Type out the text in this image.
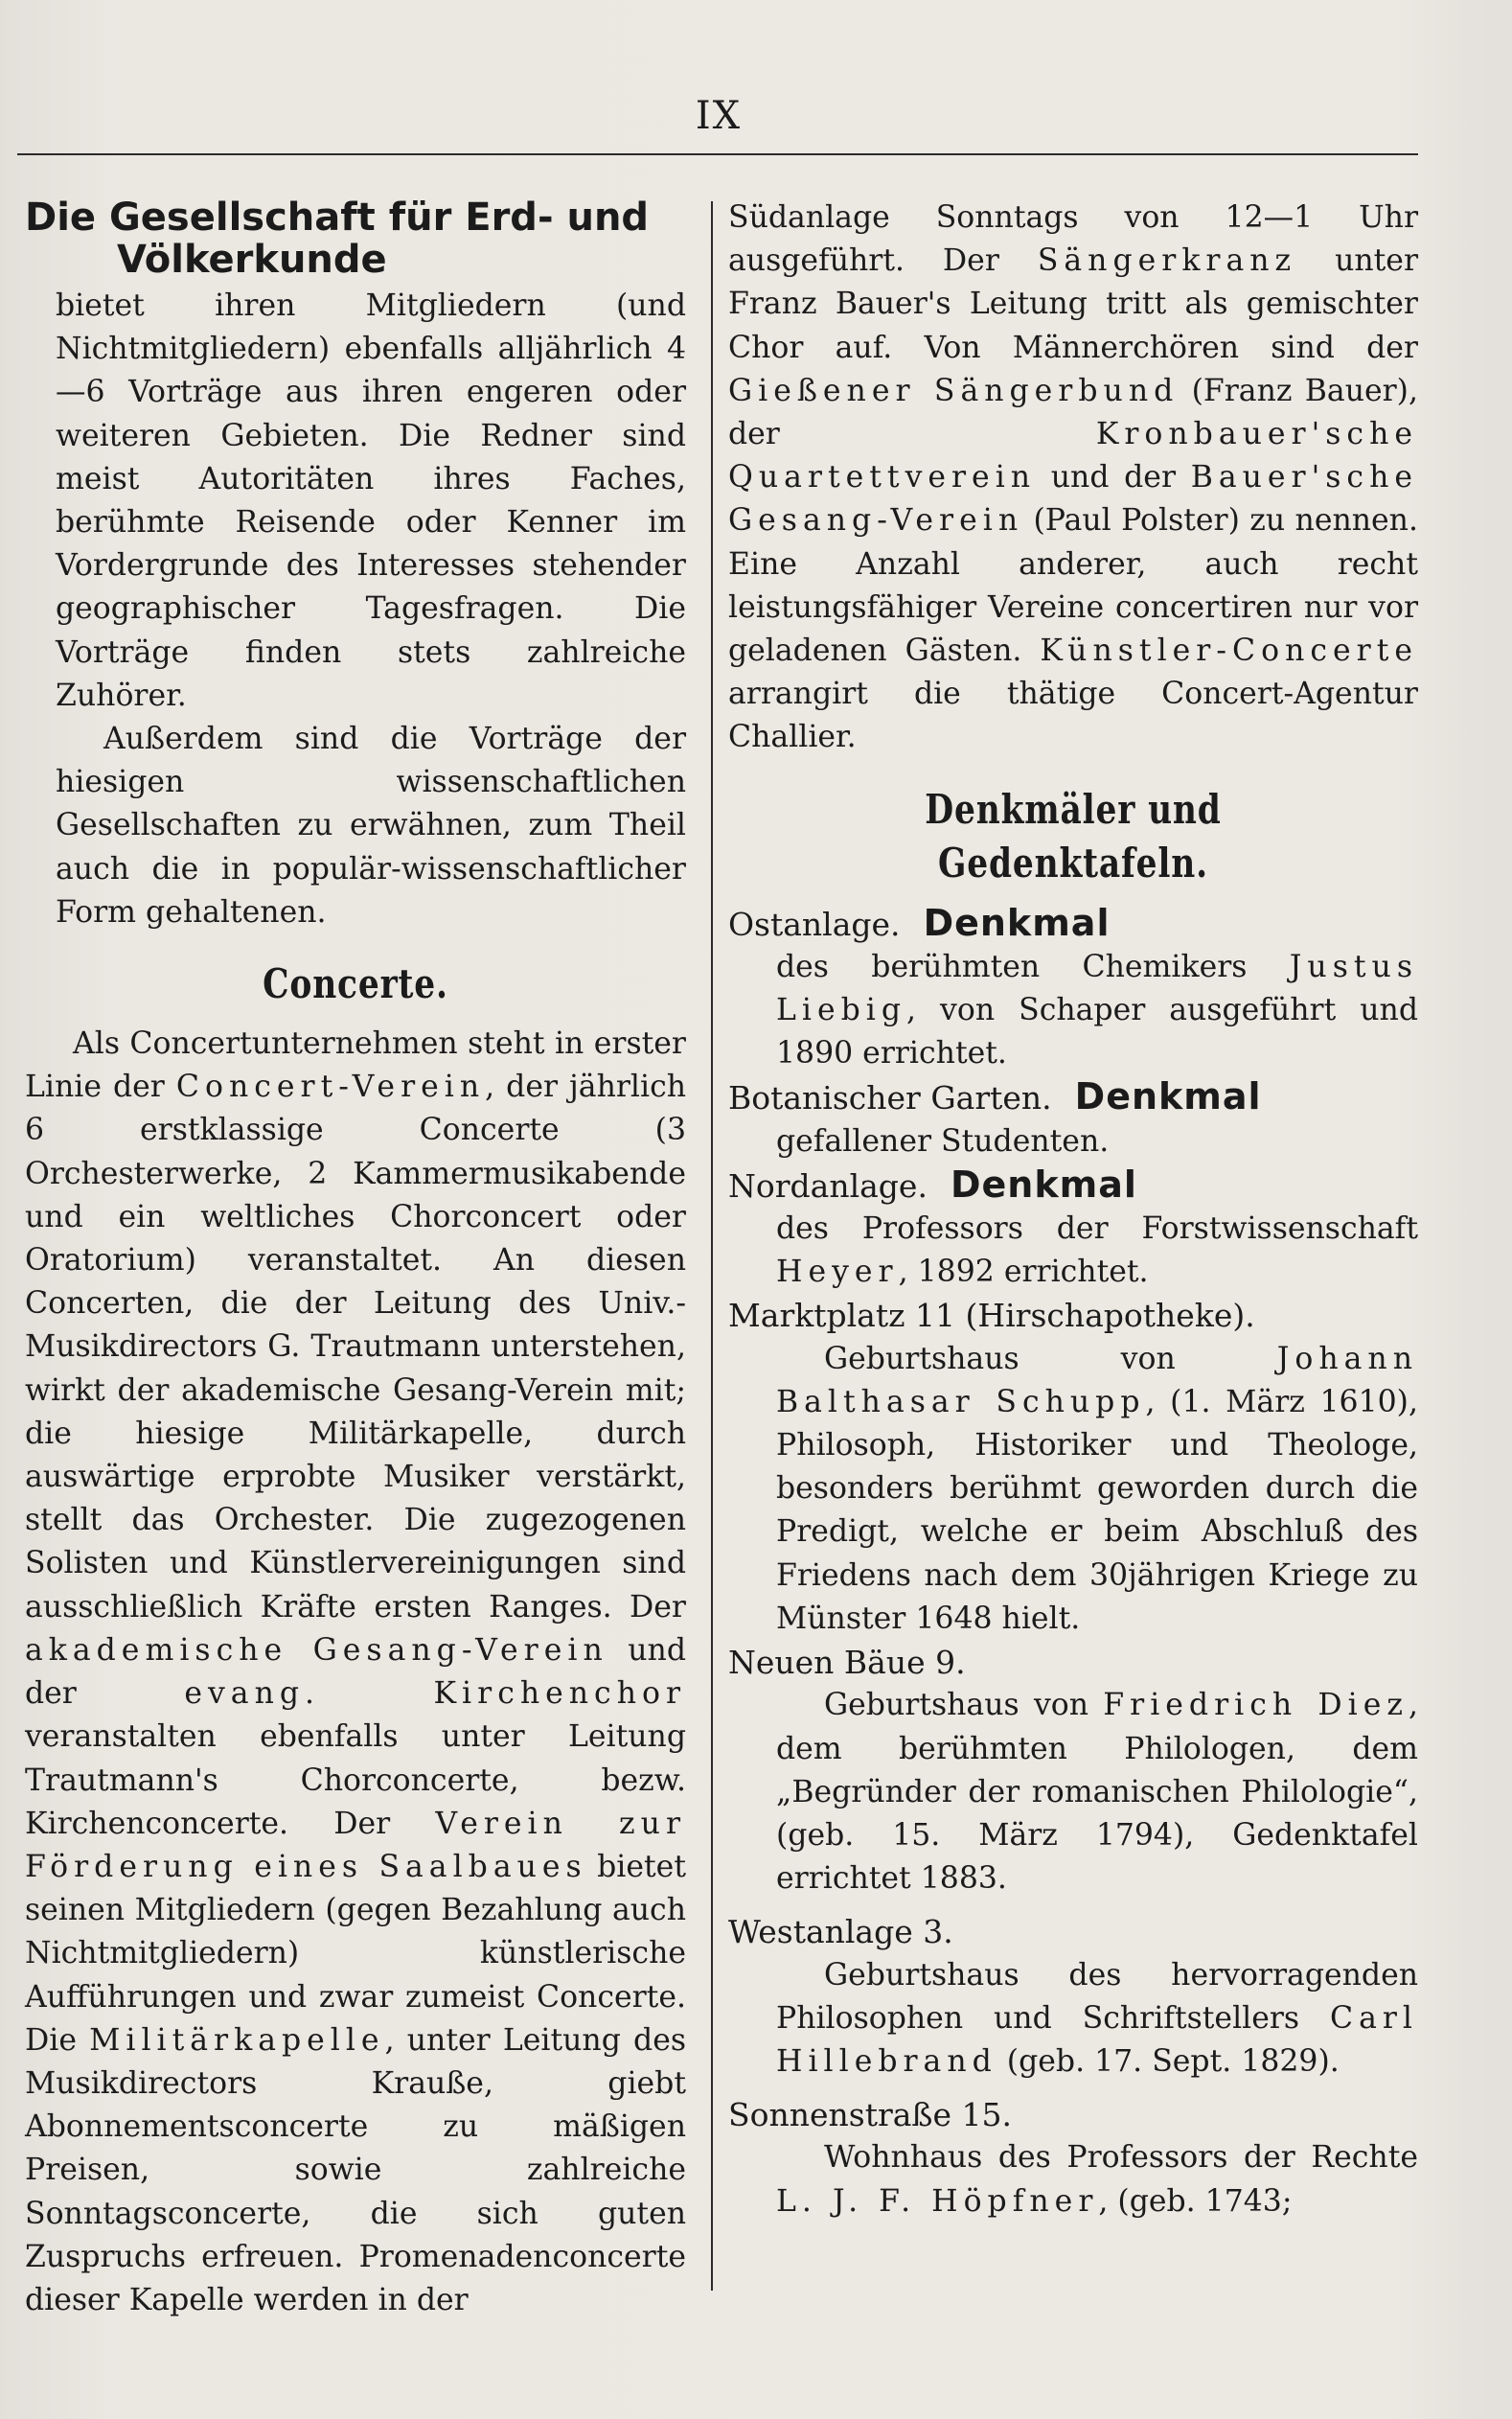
IX
Die Gesellschaft für Erd- und
Völkerkunde

bietet ihren Mitgliedern (und Nichtmitgliedern) ebenfalls alljährlich 4—6 Vorträge aus ihren engeren oder weiteren Gebieten. Die Redner sind meist Autoritäten ihres Faches, berühmte Reisende oder Kenner im Vordergrunde des Interesses stehender geographischer Tagesfragen. Die Vorträge finden stets zahlreiche Zuhörer.

Außerdem sind die Vorträge der hiesigen wissenschaftlichen Gesellschaften zu erwähnen, zum Theil auch die in populär-wissenschaftlicher Form gehaltenen.

Concerte.

Als Concertunternehmen steht in erster Linie der Concert-Verein, der jährlich 6 erstklassige Concerte (3 Orchesterwerke, 2 Kammermusikabende und ein weltliches Chorconcert oder Oratorium) veranstaltet. An diesen Concerten, die der Leitung des Univ.-Musikdirectors G. Trautmann unterstehen, wirkt der akademische Gesang-Verein mit; die hiesige Militärkapelle, durch auswärtige erprobte Musiker verstärkt, stellt das Orchester. Die zugezogenen Solisten und Künstlervereinigungen sind ausschließlich Kräfte ersten Ranges. Der akademische Gesang-Verein und der evang. Kirchenchor veranstalten ebenfalls unter Leitung Trautmann's Chorconcerte, bezw. Kirchenconcerte. Der Verein zur Förderung eines Saalbaues bietet seinen Mitgliedern (gegen Bezahlung auch Nichtmitgliedern) künstlerische Aufführungen und zwar zumeist Concerte. Die Militärkapelle, unter Leitung des Musikdirectors Krauße, giebt Abonnementsconcerte zu mäßigen Preisen, sowie zahlreiche Sonntagsconcerte, die sich guten Zuspruchs erfreuen. Promenadenconcerte dieser Kapelle werden in der

Südanlage Sonntags von 12—1 Uhr ausgeführt. Der Sängerkranz unter Franz Bauer's Leitung tritt als gemischter Chor auf. Von Männerchören sind der Gießener Sängerbund (Franz Bauer), der Kronbauer'sche Quartettverein und der Bauer'sche Gesang-Verein (Paul Polster) zu nennen. Eine Anzahl anderer, auch recht leistungsfähiger Vereine concertiren nur vor geladenen Gästen. Künstler-Concerte arrangirt die thätige Concert-Agentur Challier.

Denkmäler und Gedenktafeln.
Ostanlage. Denkmal

des berühmten Chemikers Justus Liebig, von Schaper ausgeführt und 1890 errichtet.

Botanischer Garten. Denkmal

gefallener Studenten.

Nordanlage. Denkmal

des Professors der Forstwissenschaft Heyer, 1892 errichtet.

Marktplatz 11 (Hirschapotheke).

Geburtshaus von Johann Balthasar Schupp, (1. März 1610), Philosoph, Historiker und Theologe, besonders berühmt geworden durch die Predigt, welche er beim Abschluß des Friedens nach dem 30jährigen Kriege zu Münster 1648 hielt.

Neuen Bäue 9.

Geburtshaus von Friedrich Diez, dem berühmten Philologen, dem „Begründer der romanischen Philologie“, (geb. 15. März 1794), Gedenktafel errichtet 1883.

Westanlage 3.

Geburtshaus des hervorragenden Philosophen und Schriftstellers Carl Hillebrand (geb. 17. Sept. 1829).

Sonnenstraße 15.

Wohnhaus des Professors der Rechte L. J. F. Höpfner, (geb. 1743;
